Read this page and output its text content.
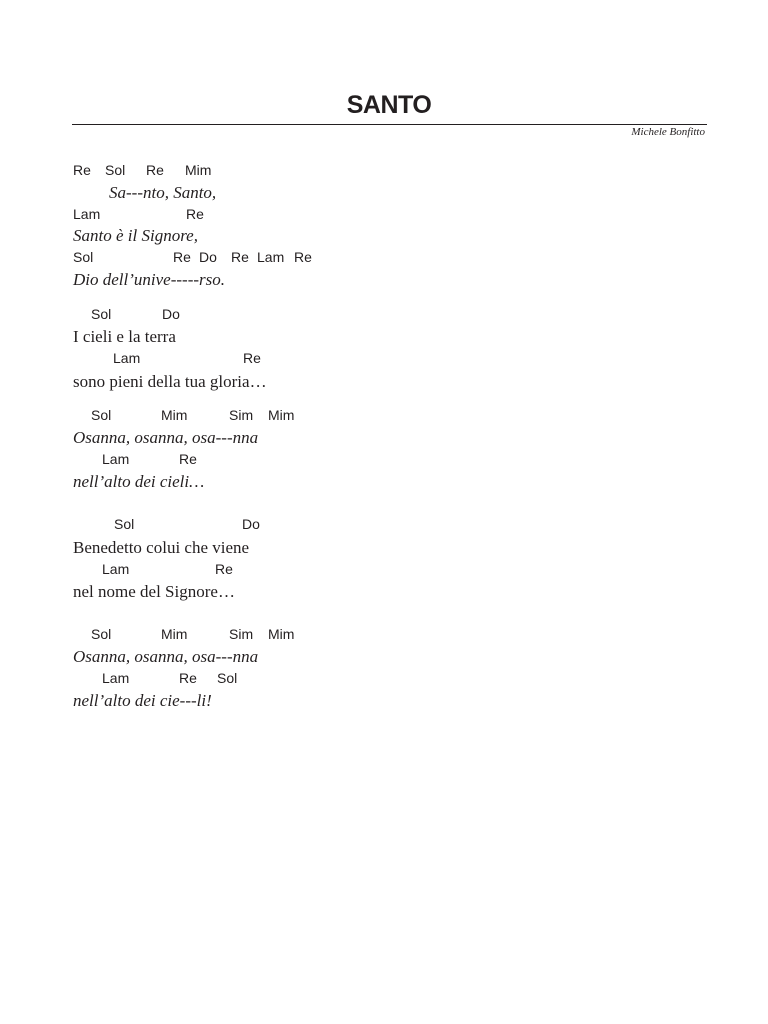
SANTO
Michele Bonfitto
Re Sol Re Mim
Sa---nto, Santo,
Lam	Re
Santo è il Signore,
Sol	Re Do Re Lam Re
Dio dell’unive-----rso.
Sol	Do
I cieli e la terra
Lam	Re
sono pieni della tua gloria…
Sol	Mim	Sim Mim
Osanna, osanna, osa---nna
Lam	Re
nell’alto dei cieli…
Sol	Do
Benedetto colui che viene
Lam	Re
nel nome del Signore…
Sol	Mim	Sim Mim
Osanna, osanna, osa---nna
Lam	Re Sol
nell’alto dei cie---li!
